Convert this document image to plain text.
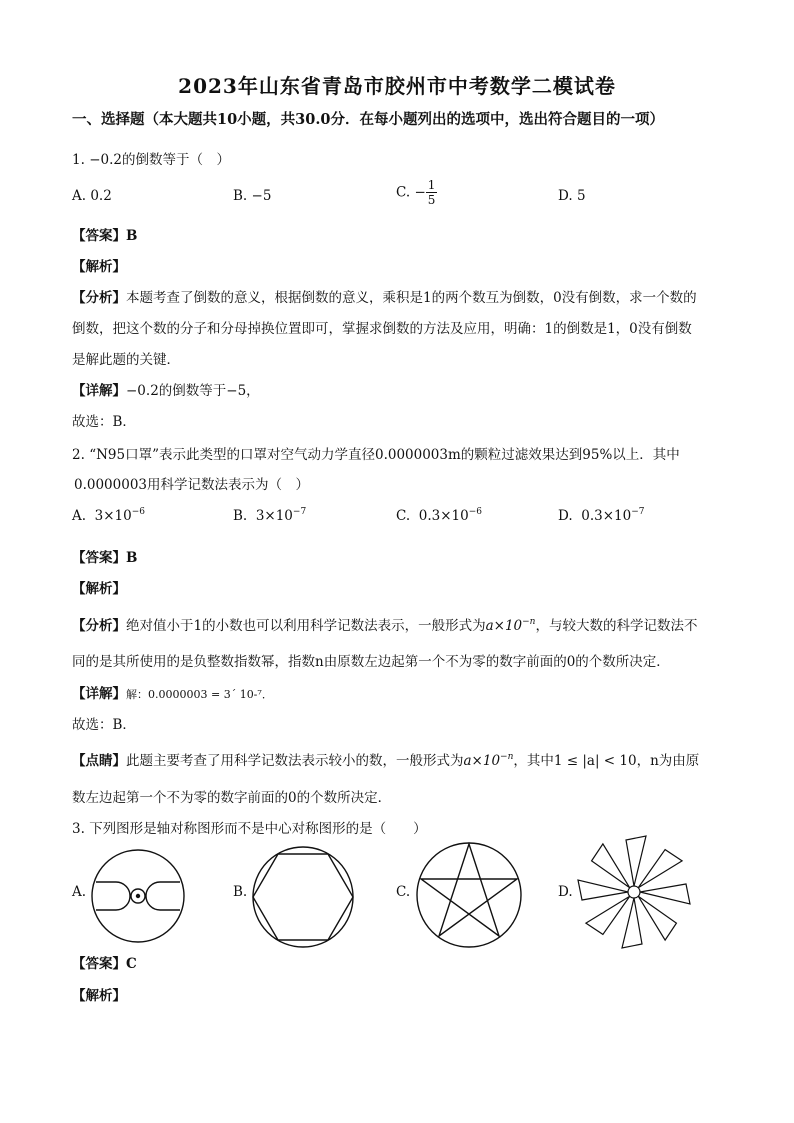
2023年山东省青岛市胶州市中考数学二模试卷
一、选择题（本大题共10小题，共30.0分．在每小题列出的选项中，选出符合题目的一项）
1. −0.2的倒数等于（　）
A. 0.2	B. −5	C. − $\frac{1}{5}$	D. 5
【答案】B
【解析】
【分析】本题考查了倒数的意义，根据倒数的意义，乘积是1的两个数互为倒数，0没有倒数，求一个数的
倒数，把这个数的分子和分母掉换位置即可，掌握求倒数的方法及应用，明确：1的倒数是1，0没有倒数
是解此题的关键．
【详解】−0.2的倒数等于−5，
故选：B．
2. “N95口罩”表示此类型的口罩对空气动力学直径0.0000003m的颗粒过滤效果达到95%以上．其中
0.0000003用科学记数法表示为（　）
A. $3\times 10^{-6}$	B. $3\times 10^{-7}$	C. $0.3\times 10^{-6}$	D. $0.3\times 10^{-7}$
【答案】B
【解析】
【分析】绝对值小于1的小数也可以利用科学记数法表示，一般形式为$a\times 10^{-n}$，与较大数的科学记数法不
同的是其所使用的是负整数指数幂，指数n由原数左边起第一个不为零的数字前面的0的个数所决定．
【详解】解：0.0000003 = 3´ 10-⁷．
故选：B．
【点睛】此题主要考查了用科学记数法表示较小的数，一般形式为$a\times 10^{-n}$，其中1 ≤ |a| < 10，n为由原
数左边起第一个不为零的数字前面的0的个数所决定．
3. 下列图形是轴对称图形而不是中心对称图形的是（　　）
A.	B.	C.	D.
【答案】C
【解析】
